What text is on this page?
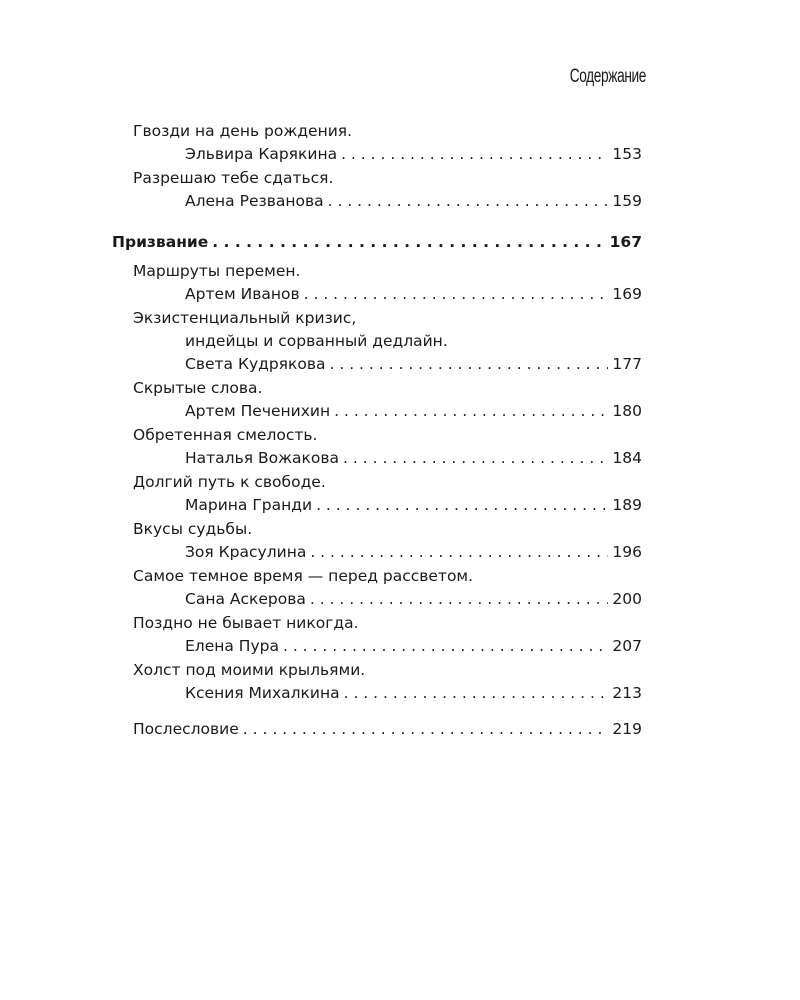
Содержание
Гвозди на день рождения.
Эльвира Карякина . . .	153
Разрешаю тебе сдаться.
Алена Резванова . . .	159
Призвание . . .	167
Маршруты перемен.
Артем Иванов . . .	169
Экзистенциальный кризис,
индейцы и сорванный дедлайн.
Света Кудрякова . . .	177
Скрытые слова.
Артем Печенихин . . .	180
Обретенная смелость.
Наталья Вожакова . . .	184
Долгий путь к свободе.
Марина Гранди . . .	189
Вкусы судьбы.
Зоя Красулина . . .	196
Самое темное время — перед рассветом.
Сана Аскерова . . .	200
Поздно не бывает никогда.
Елена Пура . . .	207
Холст под моими крыльями.
Ксения Михалкина . . .	213
Послесловие . . .	219
